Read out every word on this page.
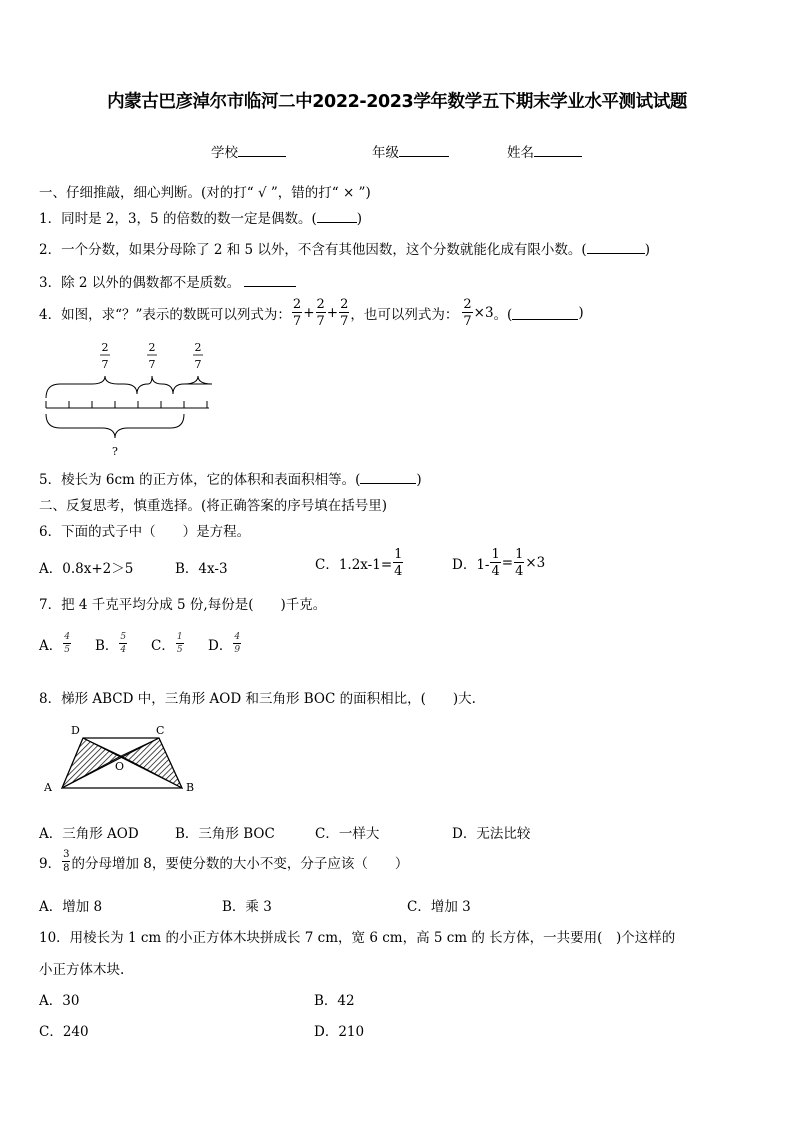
内蒙古巴彦淖尔市临河二中2022-2023学年数学五下期末学业水平测试试题
学校	年级	姓名
一、仔细推敲，细心判断。(对的打“ √ ”，错的打“ × ”)
1．同时是 2，3，5 的倍数的数一定是偶数。(	)
2．一个分数，如果分母除了 2 和 5 以外，不含有其他因数，这个分数就能化成有限小数。(	)
3．除 2 以外的偶数都不是质数。
4．如图，求“？”表示的数既可以列式为： $\frac{2}{7} + \frac{2}{7} + \frac{2}{7}$ ，也可以列式为： $\frac{2}{7} \times 3$ 。(	)
2
7
2
7
2
7
?
5．棱长为 6cm 的正方体，它的体积和表面积相等。(	)
二、反复思考，慎重选择。(将正确答案的序号填在括号里)
6．下面的式子中（　　）是方程。
A．0.8x+2＞5	B．4x-3	C．$1.2x-1= \frac{1}{4}$	D．$1- \frac{1}{4} = \frac{1}{4} \times 3$
7．把 4 千克平均分成 5 份,每份是(　　)千克。
A． $\frac{4}{5}$ B． $\frac{5}{4}$ C． $\frac{1}{5}$ D． $\frac{4}{9}$
8．梯形 ABCD 中，三角形 AOD 和三角形 BOC 的面积相比，(　　)大.
A	B
C
D
O
A．三角形 AOD	B．三角形 BOC	C．一样大	D．无法比较
9． $\frac{3}{8}$ 的分母增加 8，要使分数的大小不变，分子应该（　　）
A．增加 8	B．乘 3	C．增加 3
10．用棱长为 1 cm 的小正方体木块拼成长 7 cm，宽 6 cm，高 5 cm 的 长方体，一共要用(　)个这样的
小正方体木块.
A．30	B．42
C．240	D．210
